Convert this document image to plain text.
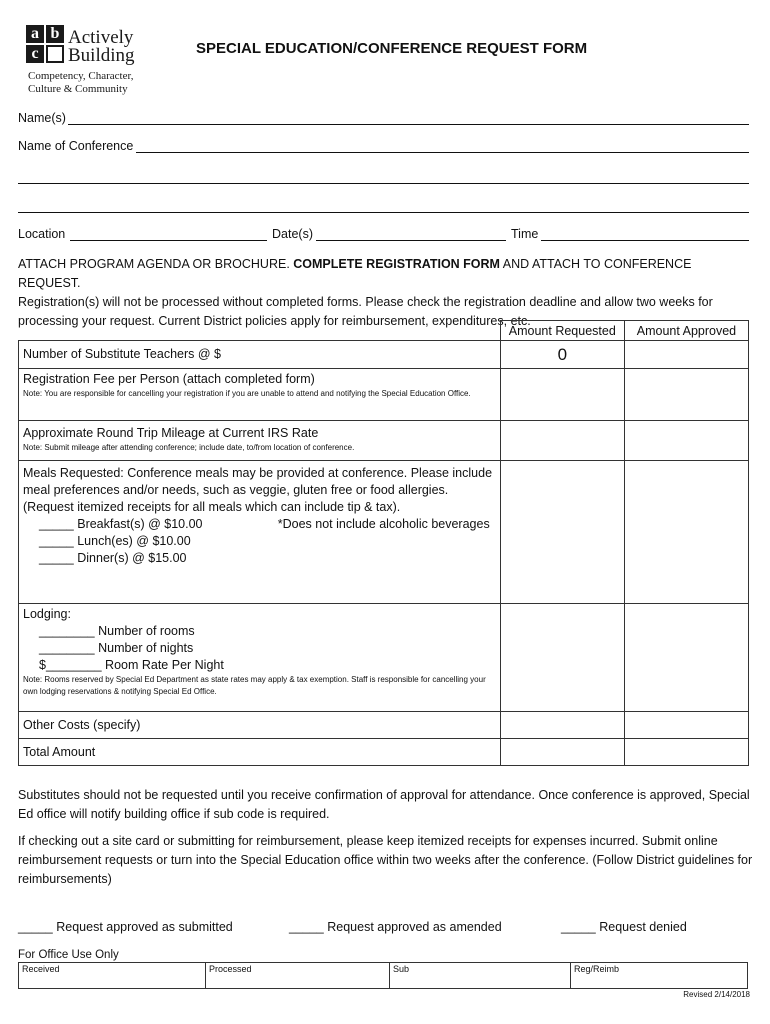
a b
c
Actively
Building
Competency, Character,
Culture & Community
SPECIAL EDUCATION/CONFERENCE REQUEST FORM
Name(s)
Name of Conference
Location	Date(s)	Time
ATTACH PROGRAM AGENDA OR BROCHURE. COMPLETE REGISTRATION FORM AND ATTACH TO CONFERENCE REQUEST.
Registration(s) will not be processed without completed forms. Please check the registration deadline and allow two weeks for processing your request. Current District policies apply for reimbursement, expenditures, etc.
	Amount Requested	Amount Approved
Number of Substitute Teachers @ $	0	

Registration Fee per Person (attach completed form)
Note: You are responsible for cancelling your registration if you are unable to attend and notifying the Special Education Office.		

Approximate Round Trip Mileage at Current IRS Rate
Note: Submit mileage after attending conference; include date, to/from location of conference.		

Meals Requested: Conference meals may be provided at conference. Please include meal preferences and/or needs, such as veggie, gluten free or food allergies. (Request itemized receipts for all meals which can include tip & tax).
_____ Breakfast(s) @ $10.00 *Does not include alcoholic beverages
_____ Lunch(es) @ $10.00
_____ Dinner(s) @ $15.00		

Lodging:
________ Number of rooms
________ Number of nights
$________ Room Rate Per Night
Note: Rooms reserved by Special Ed Department as state rates may apply & tax exemption. Staff is responsible for cancelling your own lodging reservations & notifying Special Ed Office.		

Other Costs (specify)		
Total Amount		
Substitutes should not be requested until you receive confirmation of approval for attendance. Once conference is approved, Special Ed office will notify building office if sub code is required.
If checking out a site card or submitting for reimbursement, please keep itemized receipts for expenses incurred. Submit online reimbursement requests or turn into the Special Education office within two weeks after the conference. (Follow District guidelines for reimbursements)
_____ Request approved as submitted	_____ Request approved as amended	_____ Request denied
For Office Use Only
Received	Processed	Sub	Reg/Reimb
Revised 2/14/2018
